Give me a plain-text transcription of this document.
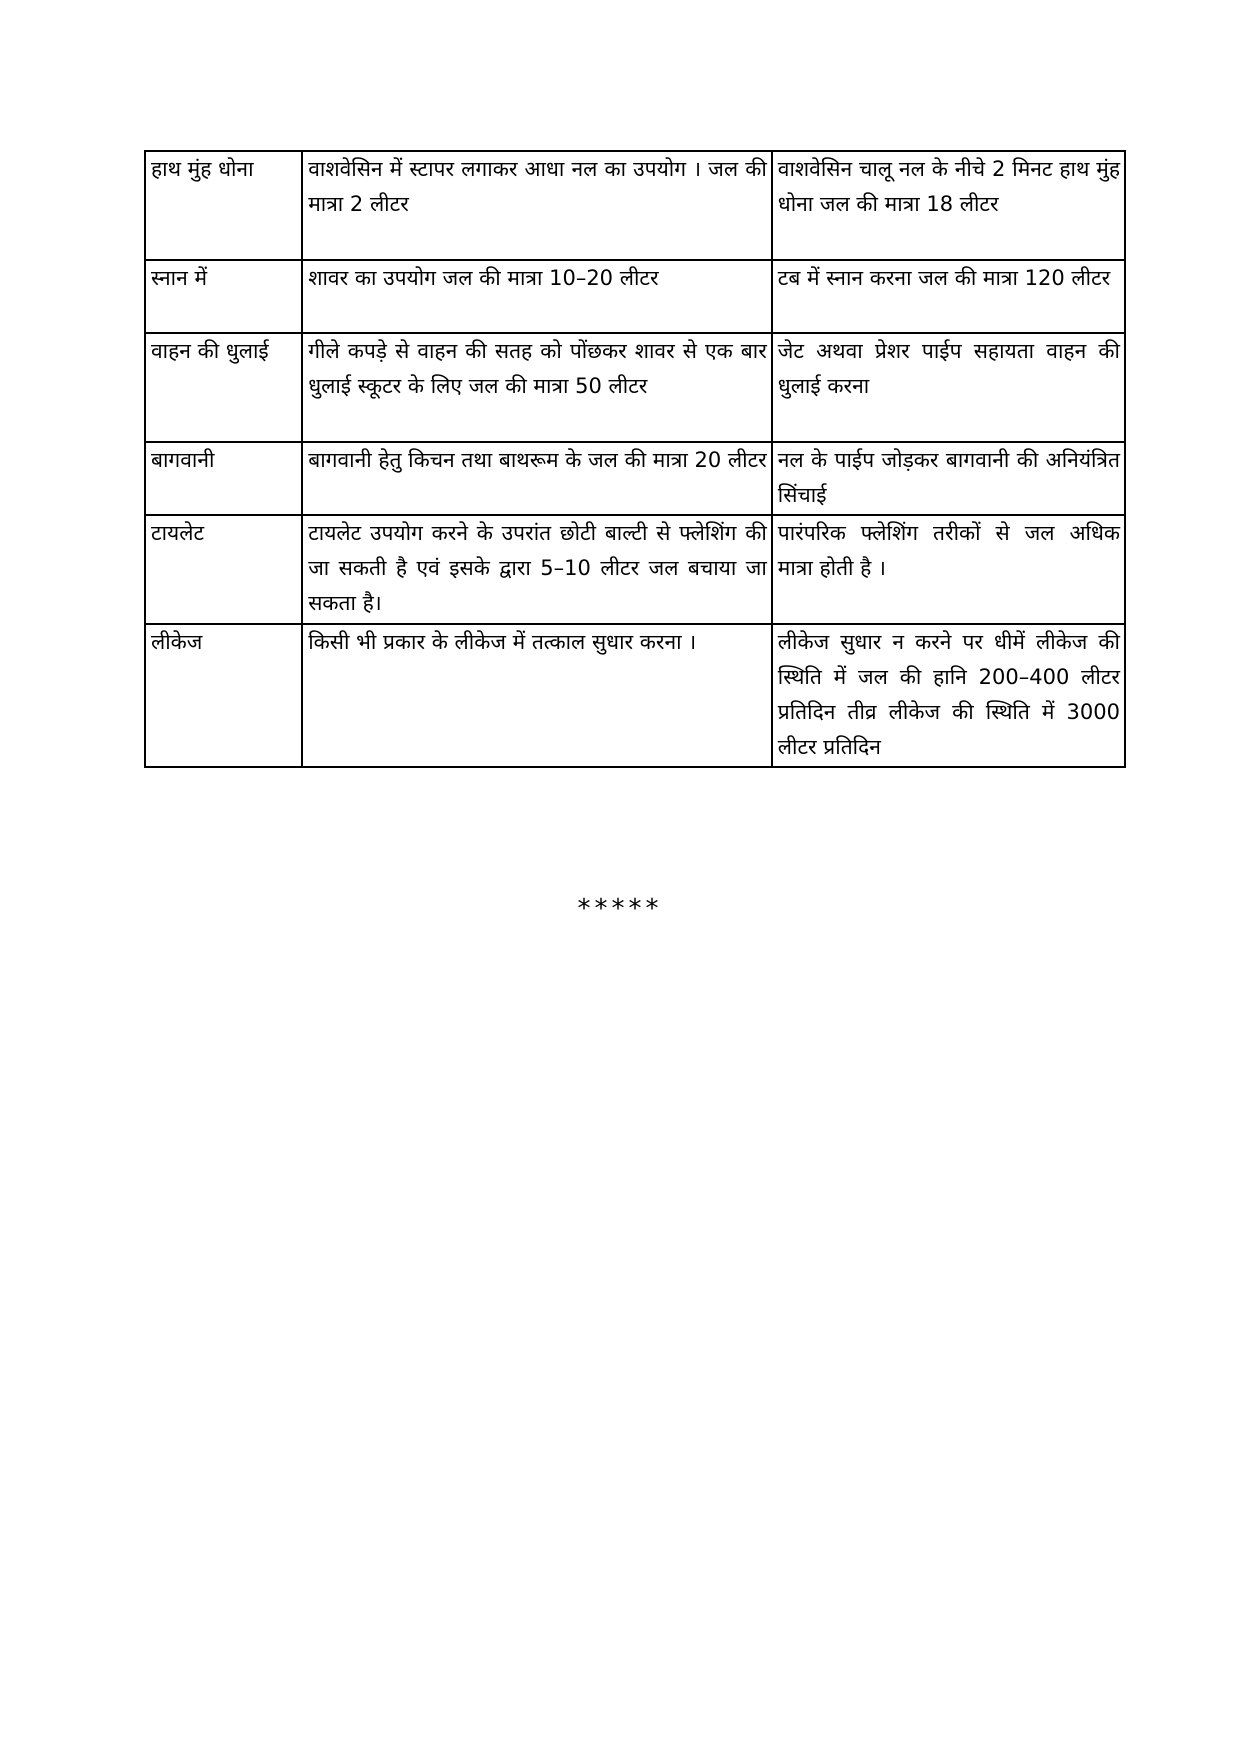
हाथ मुंह धोना	वाशवेसिन में स्टापर लगाकर आधा नल का उपयोग । जल की मात्रा 2 लीटर	वाशवेसिन चालू नल के नीचे 2 मिनट हाथ मुंह धोना जल की मात्रा 18 लीटर
स्नान में	शावर का उपयोग जल की मात्रा 10–20 लीटर	टब में स्नान करना जल की मात्रा 120 लीटर
वाहन की धुलाई	गीले कपड़े से वाहन की सतह को पोंछकर शावर से एक बार धुलाई स्कूटर के लिए जल की मात्रा 50 लीटर	जेट अथवा प्रेशर पाईप सहायता वाहन की धुलाई करना
बागवानी	बागवानी हेतु किचन तथा बाथरूम के जल की मात्रा 20 लीटर	नल के पाईप जोड़कर बागवानी की अनियंत्रित सिंचाई
टायलेट	टायलेट उपयोग करने के उपरांत छोटी बाल्टी से फ्लेशिंग की जा सकती है एवं इसके द्वारा 5–10 लीटर जल बचाया जा सकता है।	पारंपरिक फ्लेशिंग तरीकों से जल अधिक मात्रा होती है ।
लीकेज	किसी भी प्रकार के लीकेज में तत्काल सुधार करना ।	लीकेज सुधार न करने पर धीमें लीकेज की स्थिति में जल की हानि 200–400 लीटर प्रतिदिन तीव्र लीकेज की स्थिति में 3000 लीटर प्रतिदिन
*****
